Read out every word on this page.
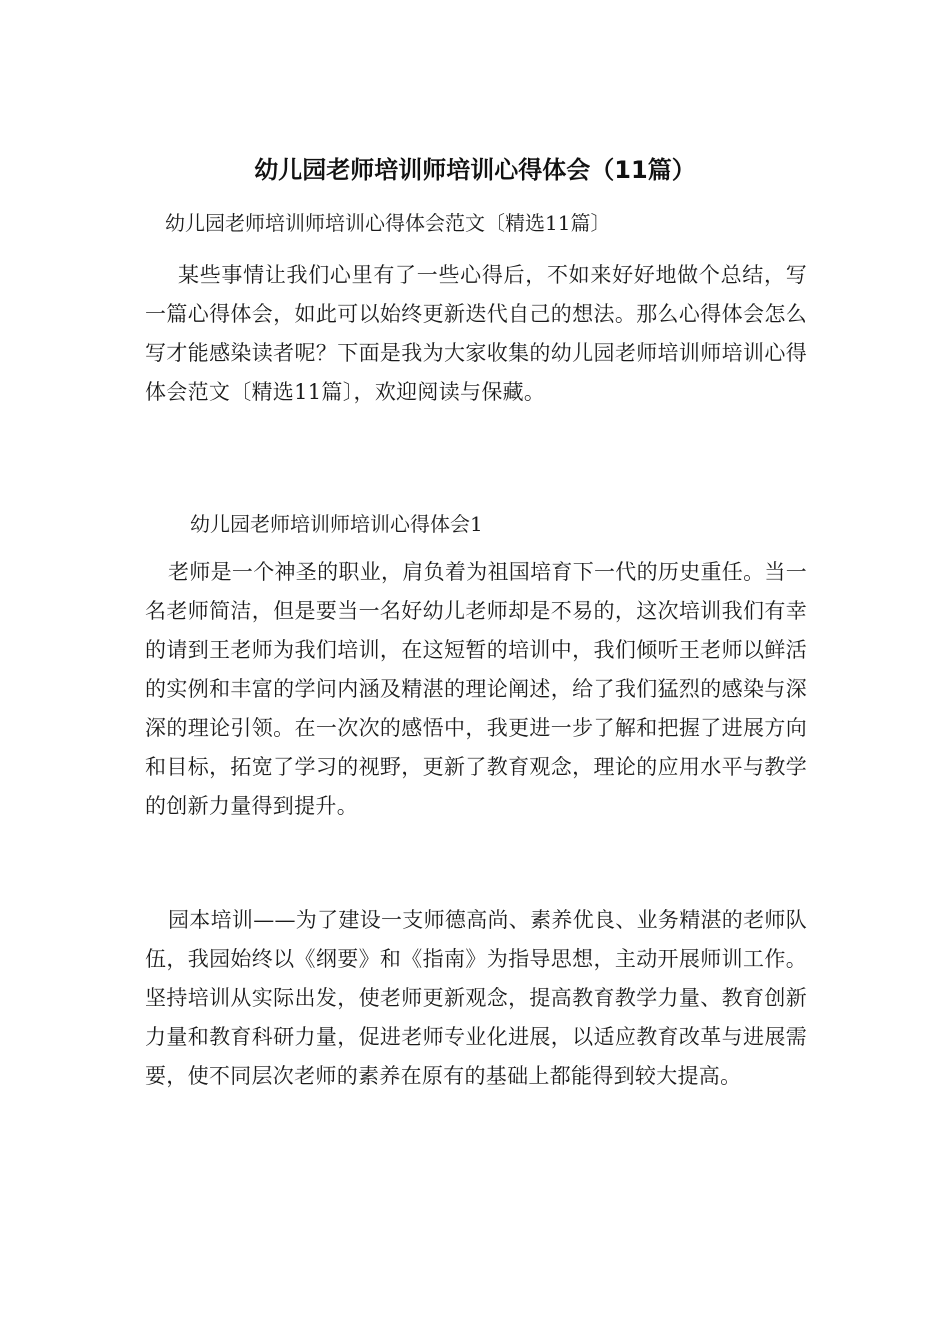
幼儿园老师培训师培训心得体会（11篇）
幼儿园老师培训师培训心得体会范文〔精选11篇〕
某些事情让我们心里有了一些心得后，不如来好好地做个总结，写一篇心得体会，如此可以始终更新迭代自己的想法。那么心得体会怎么写才能感染读者呢？下面是我为大家收集的幼儿园老师培训师培训心得体会范文〔精选11篇〕，欢迎阅读与保藏。
幼儿园老师培训师培训心得体会1
老师是一个神圣的职业，肩负着为祖国培育下一代的历史重任。当一名老师简洁，但是要当一名好幼儿老师却是不易的，这次培训我们有幸的请到王老师为我们培训，在这短暂的培训中，我们倾听王老师以鲜活的实例和丰富的学问内涵及精湛的理论阐述，给了我们猛烈的感染与深深的理论引领。在一次次的感悟中，我更进一步了解和把握了进展方向和目标，拓宽了学习的视野，更新了教育观念，理论的应用水平与教学的创新力量得到提升。
园本培训——为了建设一支师德高尚、素养优良、业务精湛的老师队伍，我园始终以《纲要》和《指南》为指导思想，主动开展师训工作。坚持培训从实际出发，使老师更新观念，提高教育教学力量、教育创新力量和教育科研力量，促进老师专业化进展，以适应教育改革与进展需要，使不同层次老师的素养在原有的基础上都能得到较大提高。
